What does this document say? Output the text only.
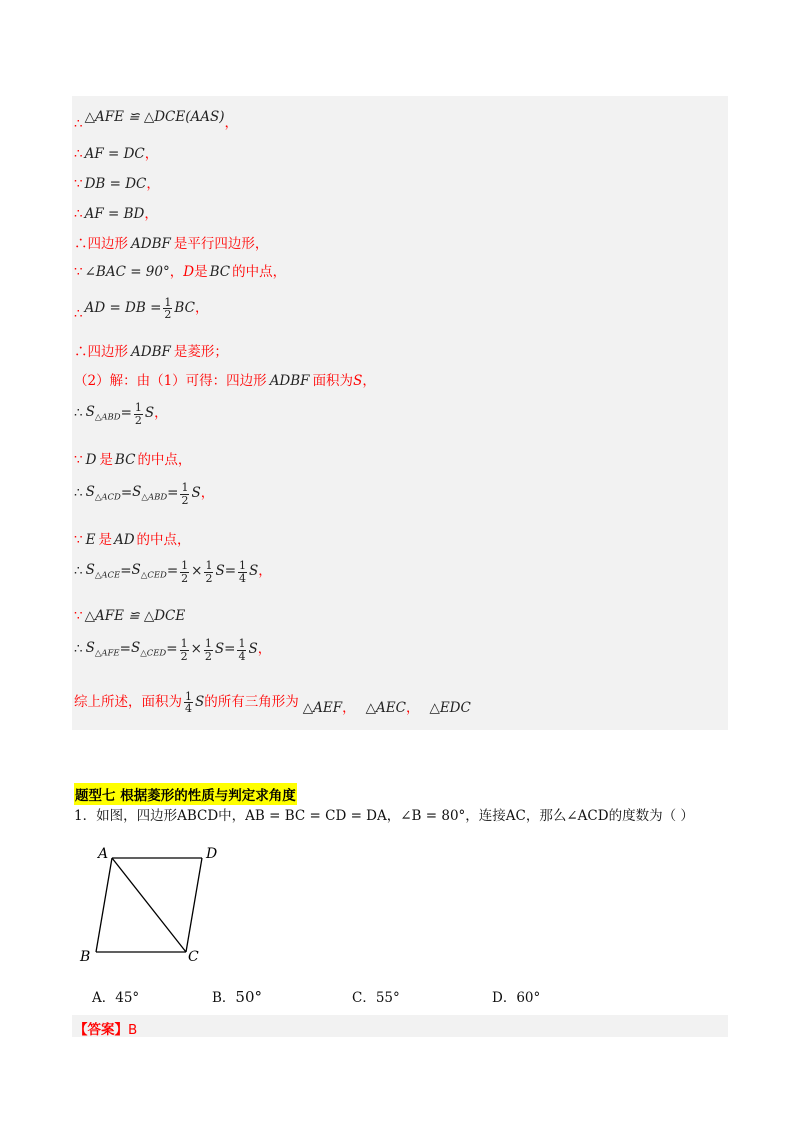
∴ △AFE ≌ △DCE(AAS) ，
∴ AF = DC ，
∵ DB = DC ，
∴ AF = BD ，
∴四边形 ADBF 是平行四边形，
∵ ∠BAC = 90° ， D 是 BC 的中点，
∴ AD = DB = $\frac{1}{2}$ BC ，
∴四边形 ADBF 是菱形；
（2）解：由（1）可得：四边形 ADBF 面积为 S ，
∴ $S_{\triangle ABD} = \frac{1}{2}$ S ，
∵ D 是 BC 的中点，
∴ $S_{\triangle ACD} = S_{\triangle ABD} = \frac{1}{2}$ S ，
∵ E 是 AD 的中点，
∴ $S_{\triangle ACE} = S_{\triangle CED} = \frac{1}{2} \times \frac{1}{2}$ $S = \frac{1}{4}$ S ，
∵ △AFE ≌ △DCE
∴ $S_{\triangle AFE} = S_{\triangle CED} = \frac{1}{2} \times \frac{1}{2}$ $S = \frac{1}{4}$ S ，
综上所述，面积为 $\frac{1}{4}$ S 的所有三角形为 △AEF ， △AEC ， △EDC
题型七 根据菱形的性质与判定求角度
1．如图，四边形ABCD中，AB = BC = CD = DA，∠B = 80°，连接AC，那么∠ACD的度数为（ ）
A	D
B	C
A．45°	B．50°	C．55°	D．60°
【答案】B
